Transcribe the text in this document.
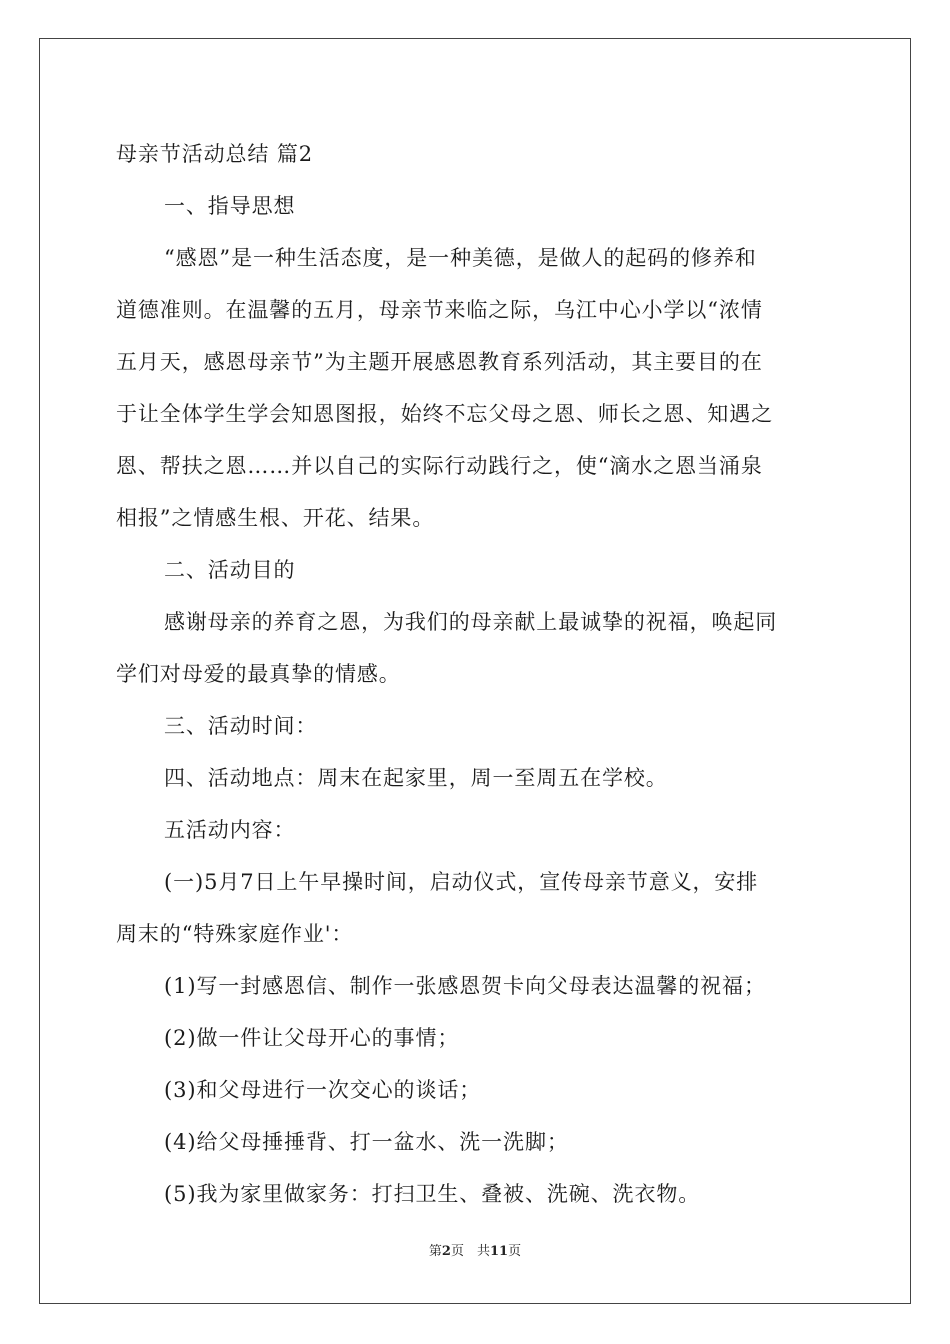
母亲节活动总结 篇2
一、指导思想
“感恩”是一种生活态度，是一种美德，是做人的起码的修养和
道德准则。在温馨的五月，母亲节来临之际，乌江中心小学以“浓情
五月天，感恩母亲节”为主题开展感恩教育系列活动，其主要目的在
于让全体学生学会知恩图报，始终不忘父母之恩、师长之恩、知遇之
恩、帮扶之恩……并以自己的实际行动践行之，使“滴水之恩当涌泉
相报”之情感生根、开花、结果。
二、活动目的
感谢母亲的养育之恩，为我们的母亲献上最诚挚的祝福，唤起同
学们对母爱的最真挚的情感。
三、活动时间：
四、活动地点：周末在起家里，周一至周五在学校。
五活动内容：
(一)5月7日上午早操时间，启动仪式，宣传母亲节意义，安排
周末的“特殊家庭作业'：
(1)写一封感恩信、制作一张感恩贺卡向父母表达温馨的祝福；
(2)做一件让父母开心的事情；
(3)和父母进行一次交心的谈话；
(4)给父母捶捶背、打一盆水、洗一洗脚；
(5)我为家里做家务：打扫卫生、叠被、洗碗、洗衣物。
第2页　共11页
